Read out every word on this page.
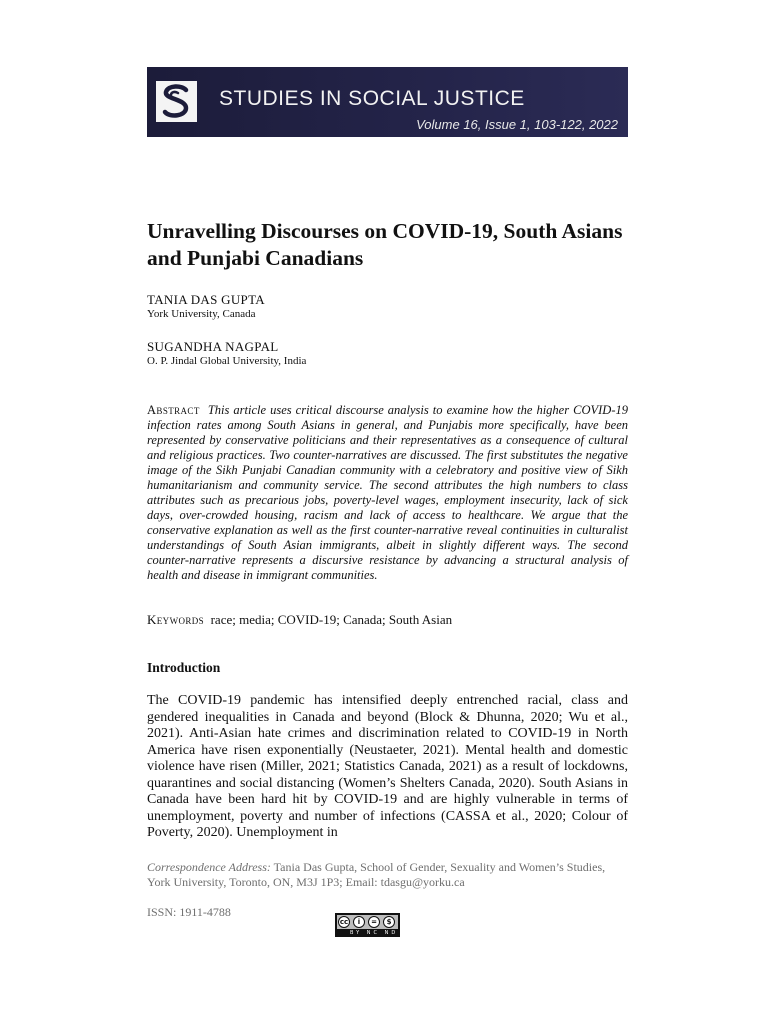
STUDIES IN SOCIAL JUSTICE
Volume 16, Issue 1, 103-122, 2022
Unravelling Discourses on COVID-19, South Asians and Punjabi Canadians
TANIA DAS GUPTA
York University, Canada
SUGANDHA NAGPAL
O. P. Jindal Global University, India

Abstract This article uses critical discourse analysis to examine how the higher COVID-19 infection rates among South Asians in general, and Punjabis more specifically, have been represented by conservative politicians and their representatives as a consequence of cultural and religious practices. Two counter-narratives are discussed. The first substitutes the negative image of the Sikh Punjabi Canadian community with a celebratory and positive view of Sikh humanitarianism and community service. The second attributes the high numbers to class attributes such as precarious jobs, poverty-level wages, employment insecurity, lack of sick days, over-crowded housing, racism and lack of access to healthcare. We argue that the conservative explanation as well as the first counter-narrative reveal continuities in culturalist understandings of South Asian immigrants, albeit in slightly different ways. The second counter-narrative represents a discursive resistance by advancing a structural analysis of health and disease in immigrant communities.

Keywords race; media; COVID-19; Canada; South Asian

Introduction

The COVID-19 pandemic has intensified deeply entrenched racial, class and gendered inequalities in Canada and beyond (Block & Dhunna, 2020; Wu et al., 2021). Anti-Asian hate crimes and discrimination related to COVID-19 in North America have risen exponentially (Neustaeter, 2021). Mental health and domestic violence have risen (Miller, 2021; Statistics Canada, 2021) as a result of lockdowns, quarantines and social distancing (Women’s Shelters Canada, 2020). South Asians in Canada have been hard hit by COVID-19 and are highly vulnerable in terms of unemployment, poverty and number of infections (CASSA et al., 2020; Colour of Poverty, 2020). Unemployment in

Correspondence Address: Tania Das Gupta, School of Gender, Sexuality and Women’s Studies, York University, Toronto, ON, M3J 1P3; Email: tdasgu@yorku.ca

ISSN: 1911-4788
cc	i	=	$
BY NC ND
